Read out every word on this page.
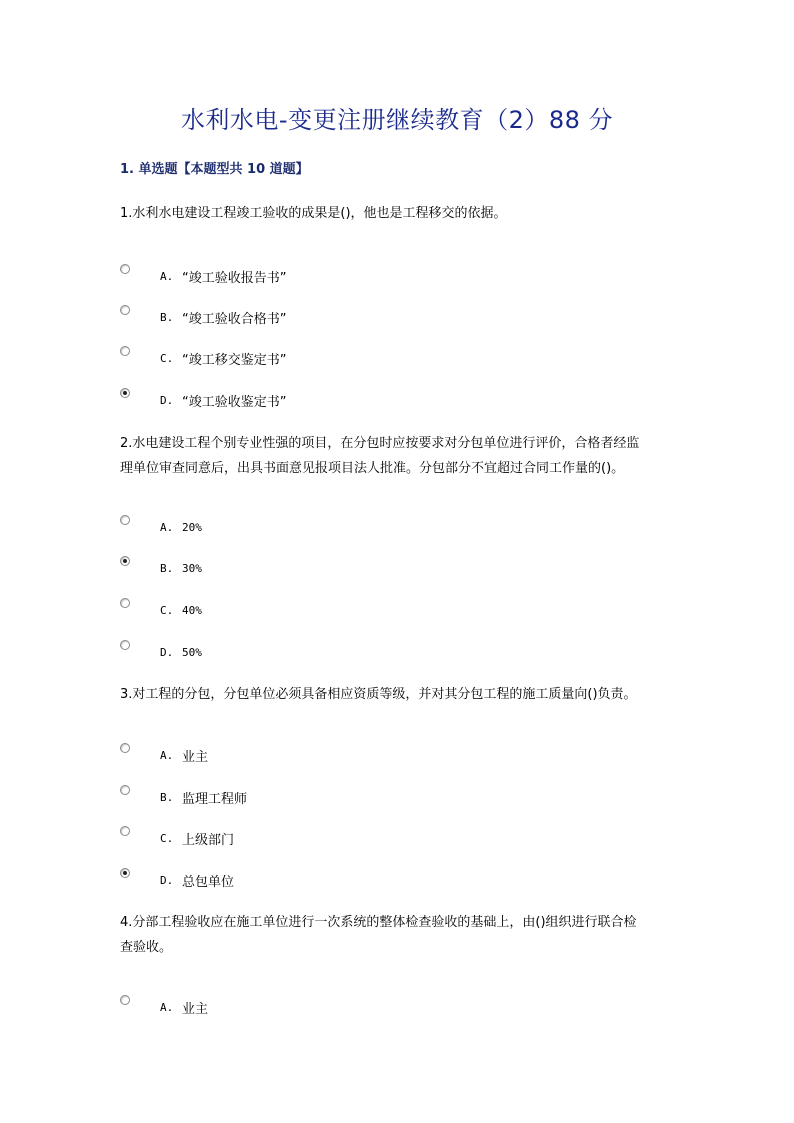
水利水电-变更注册继续教育（2）88 分
1. 单选题【本题型共 10 道题】
1.水利水电建设工程竣工验收的成果是()，他也是工程移交的依据。
A. “竣工验收报告书”
B. “竣工验收合格书”
C. “竣工移交鉴定书”
D. “竣工验收鉴定书”
2.水电建设工程个别专业性强的项目，在分包时应按要求对分包单位进行评价，合格者经监
理单位审查同意后，出具书面意见报项目法人批准。分包部分不宜超过合同工作量的()。
A. 20%
B. 30%
C. 40%
D. 50%
3.对工程的分包，分包单位必须具备相应资质等级，并对其分包工程的施工质量向()负责。
A. 业主
B. 监理工程师
C. 上级部门
D. 总包单位
4.分部工程验收应在施工单位进行一次系统的整体检查验收的基础上，由()组织进行联合检
查验收。
A. 业主
